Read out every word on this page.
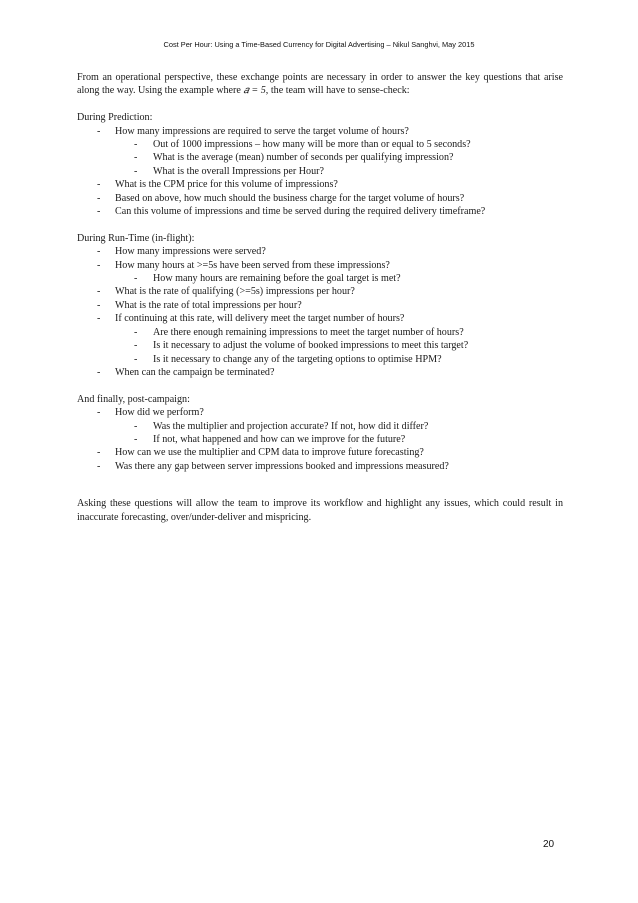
Cost Per Hour: Using a Time-Based Currency for Digital Advertising – Nikul Sanghvi, May 2015

From an operational perspective, these exchange points are necessary in order to answer the key questions that arise along the way. Using the example where 𝑎 = 5, the team will have to sense-check:

During Prediction:

- How many impressions are required to serve the target volume of hours?
- Out of 1000 impressions – how many will be more than or equal to 5 seconds?
- What is the average (mean) number of seconds per qualifying impression?
- What is the overall Impressions per Hour?
- What is the CPM price for this volume of impressions?
- Based on above, how much should the business charge for the target volume of hours?
- Can this volume of impressions and time be served during the required delivery timeframe?

During Run-Time (in-flight):

- How many impressions were served?
- How many hours at >=5s have been served from these impressions?
- How many hours are remaining before the goal target is met?
- What is the rate of qualifying (>=5s) impressions per hour?
- What is the rate of total impressions per hour?
- If continuing at this rate, will delivery meet the target number of hours?
- Are there enough remaining impressions to meet the target number of hours?
- Is it necessary to adjust the volume of booked impressions to meet this target?
- Is it necessary to change any of the targeting options to optimise HPM?
- When can the campaign be terminated?

And finally, post-campaign:

- How did we perform?
- Was the multiplier and projection accurate? If not, how did it differ?
- If not, what happened and how can we improve for the future?
- How can we use the multiplier and CPM data to improve future forecasting?
- Was there any gap between server impressions booked and impressions measured?

Asking these questions will allow the team to improve its workflow and highlight any issues, which could result in inaccurate forecasting, over/under-deliver and mispricing.

20
